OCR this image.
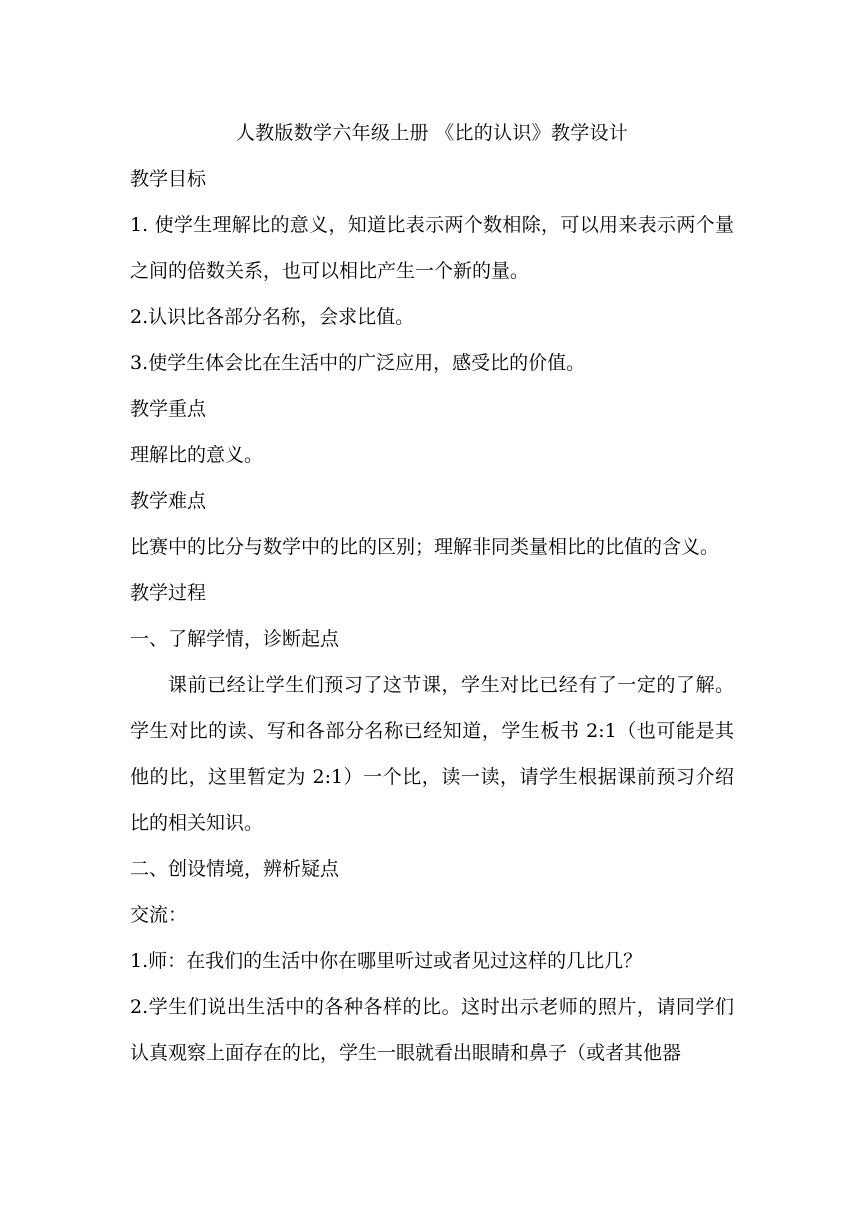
人教版数学六年级上册 《比的认识》教学设计
教学目标
1. 使学生理解比的意义，知道比表示两个数相除，可以用来表示两个量之间的倍数关系，也可以相比产生一个新的量。
2.认识比各部分名称，会求比值。
3.使学生体会比在生活中的广泛应用，感受比的价值。
教学重点
理解比的意义。
教学难点
比赛中的比分与数学中的比的区别；理解非同类量相比的比值的含义。
教学过程
一、了解学情，诊断起点
课前已经让学生们预习了这节课，学生对比已经有了一定的了解。学生对比的读、写和各部分名称已经知道，学生板书 2:1（也可能是其他的比，这里暂定为 2:1）一个比，读一读，请学生根据课前预习介绍比的相关知识。
二、创设情境，辨析疑点
交流：
1.师：在我们的生活中你在哪里听过或者见过这样的几比几？
2.学生们说出生活中的各种各样的比。这时出示老师的照片，请同学们认真观察上面存在的比，学生一眼就看出眼睛和鼻子（或者其他器
